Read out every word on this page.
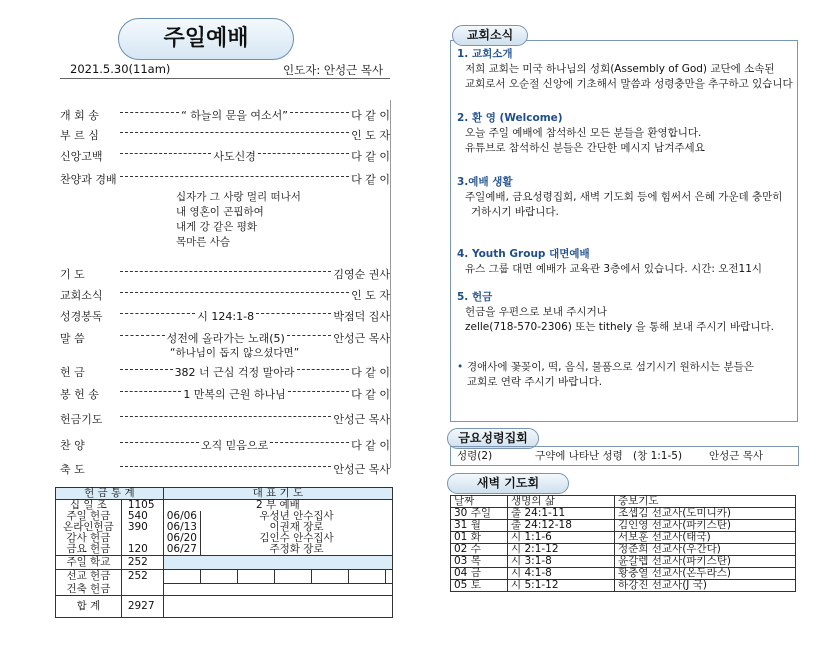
주일예배
2021.5.30(11am)	인도자: 안성근 목사
개 회 송	“ 하늘의 문을 여소서”	다 같 이
부 르 심	인 도 자
신앙고백	사도신경	다 같 이
찬양과 경배	다 같 이
기 도	김영순 권사
교회소식	인 도 자
성경봉독	시 124:1-8	박점덕 집사
말 씀	성전에 올라가는 노래(5)	안성근 목사
헌 금	382 너 근심 걱정 말아라	다 같 이
봉 헌 송	1 만복의 근원 하나님	다 같 이
헌금기도	안성근 목사
찬 양	오직 믿음으로	다 같 이
축 도	안성근 목사
십자가 그 사랑 멀리 떠나서
내 영혼이 곤핍하여
내게 강 같은 평화
목마른 사슴
“하나님이 돕지 않으셨다면”
헌 금 통 계		대 표 기 도						
십 일 조	1105	2 부 예배						
주일 헌금	540	06/06	우성년 안수집사					
온라인헌금	390	06/13	이권재 장로					
감사 헌금		06/20	김인수 안수집사					
금요 헌금	120	06/27	주정화 장로					
주일 학교	252							
선교 헌금	252							
건축 헌금								
합 계	2927							
교회소식
1. 교회소개
저희 교회는 미국 하나님의 성회(Assembly of God) 교단에 소속된
교회로서 오순절 신앙에 기초해서 말씀과 성령충만을 추구하고 있습니다
2. 환 영 (Welcome)
오늘 주일 예배에 참석하신 모든 분들을 환영합니다.
유튜브로 참석하신 분들은 간단한 메시지 남겨주세요
3.예배 생활
주일예배, 금요성령집회, 새벽 기도회 등에 힘써서 은혜 가운데 충만히
거하시기 바랍니다.
4. Youth Group 대면예배
유스 그룹 대면 예배가 교육관 3층에서 있습니다. 시간: 오전11시
5. 헌금
헌금을 우편으로 보내 주시거나
zelle(718-570-2306) 또는 tithely 을 통해 보내 주시기 바랍니다.
• 경애사에 꽃꽂이, 떡, 음식, 물품으로 섬기시기 원하시는 분들은
교회로 연락 주시기 바랍니다.
금요성령집회
성령(2)	구약에 나타난 성령 (창 1:1-5)	안성근 목사
새벽 기도회
날짜	생명의 삶	중보기도
30 주일	출 24:1-11	조셉김 선교사(도미니카)
31 월	출 24:12-18	김인영 선교사(파키스탄)
01 화	시 1:1-6	서보훈 선교사(태국)
02 수	시 2:1-12	정준희 선교사(우간다)
03 목	시 3:1-8	윤갈렙 선교사(파키스탄)
04 금	시 4:1-8	황충열 선교사(온두라스)
05 토	시 5:1-12	하강진 선교사(J 국)
